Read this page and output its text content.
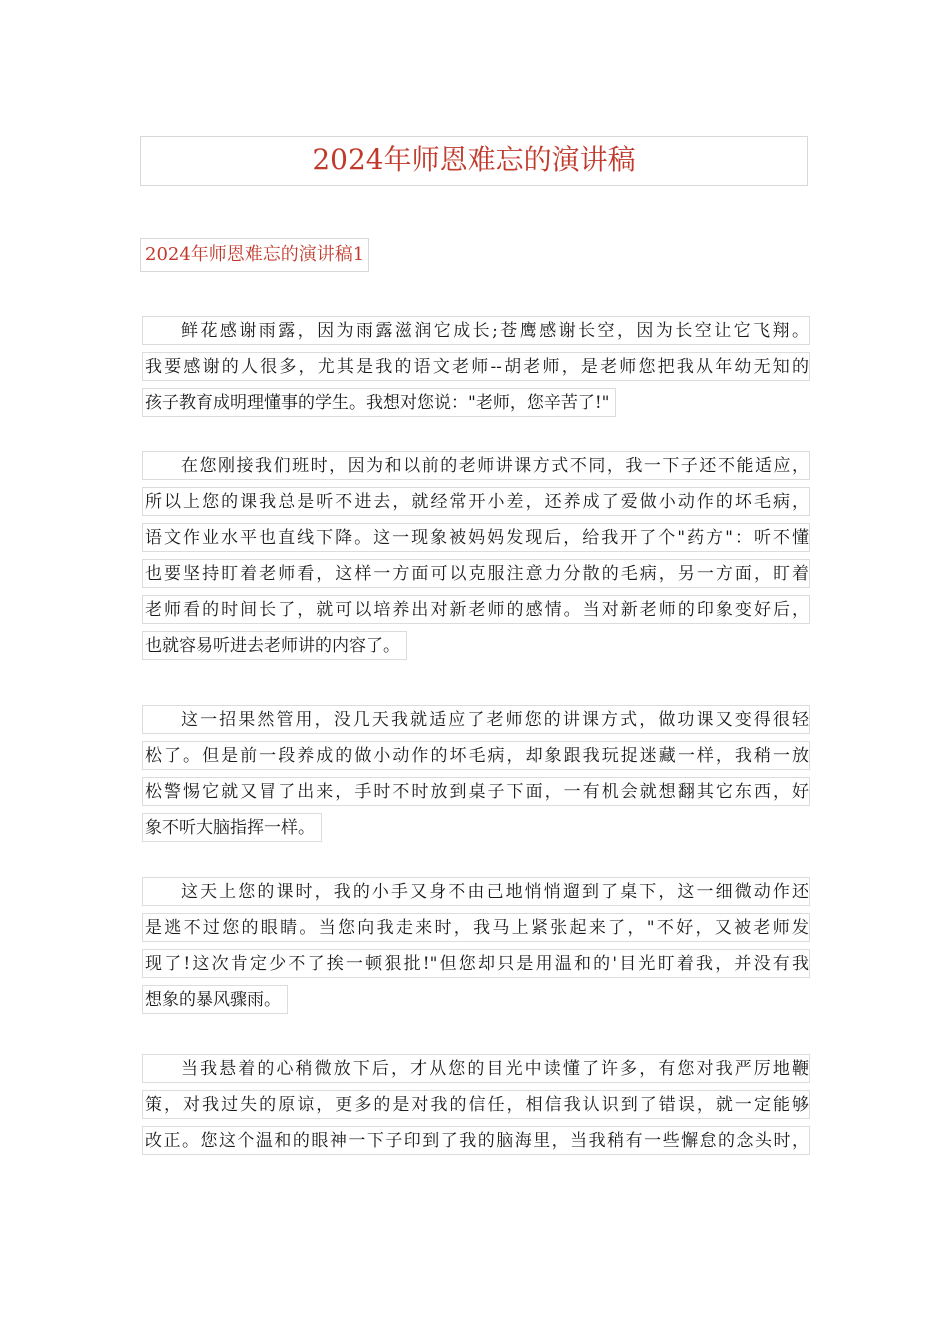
2024年师恩难忘的演讲稿
2024年师恩难忘的演讲稿1
鲜花感谢雨露，因为雨露滋润它成长;苍鹰感谢长空，因为长空让它飞翔。
我要感谢的人很多，尤其是我的语文老师--胡老师，是老师您把我从年幼无知的
孩子教育成明理懂事的学生。我想对您说："老师，您辛苦了!"
在您刚接我们班时，因为和以前的老师讲课方式不同，我一下子还不能适应，
所以上您的课我总是听不进去，就经常开小差，还养成了爱做小动作的坏毛病，
语文作业水平也直线下降。这一现象被妈妈发现后，给我开了个"药方"：听不懂
也要坚持盯着老师看，这样一方面可以克服注意力分散的毛病，另一方面，盯着
老师看的时间长了，就可以培养出对新老师的感情。当对新老师的印象变好后，
也就容易听进去老师讲的内容了。
这一招果然管用，没几天我就适应了老师您的讲课方式，做功课又变得很轻
松了。但是前一段养成的做小动作的坏毛病，却象跟我玩捉迷藏一样，我稍一放
松警惕它就又冒了出来，手时不时放到桌子下面，一有机会就想翻其它东西，好
象不听大脑指挥一样。
这天上您的课时，我的小手又身不由己地悄悄遛到了桌下，这一细微动作还
是逃不过您的眼睛。当您向我走来时，我马上紧张起来了，"不好，又被老师发
现了!这次肯定少不了挨一顿狠批!"但您却只是用温和的'目光盯着我，并没有我
想象的暴风骤雨。
当我悬着的心稍微放下后，才从您的目光中读懂了许多，有您对我严厉地鞭
策，对我过失的原谅，更多的是对我的信任，相信我认识到了错误，就一定能够
改正。您这个温和的眼神一下子印到了我的脑海里，当我稍有一些懈怠的念头时，
